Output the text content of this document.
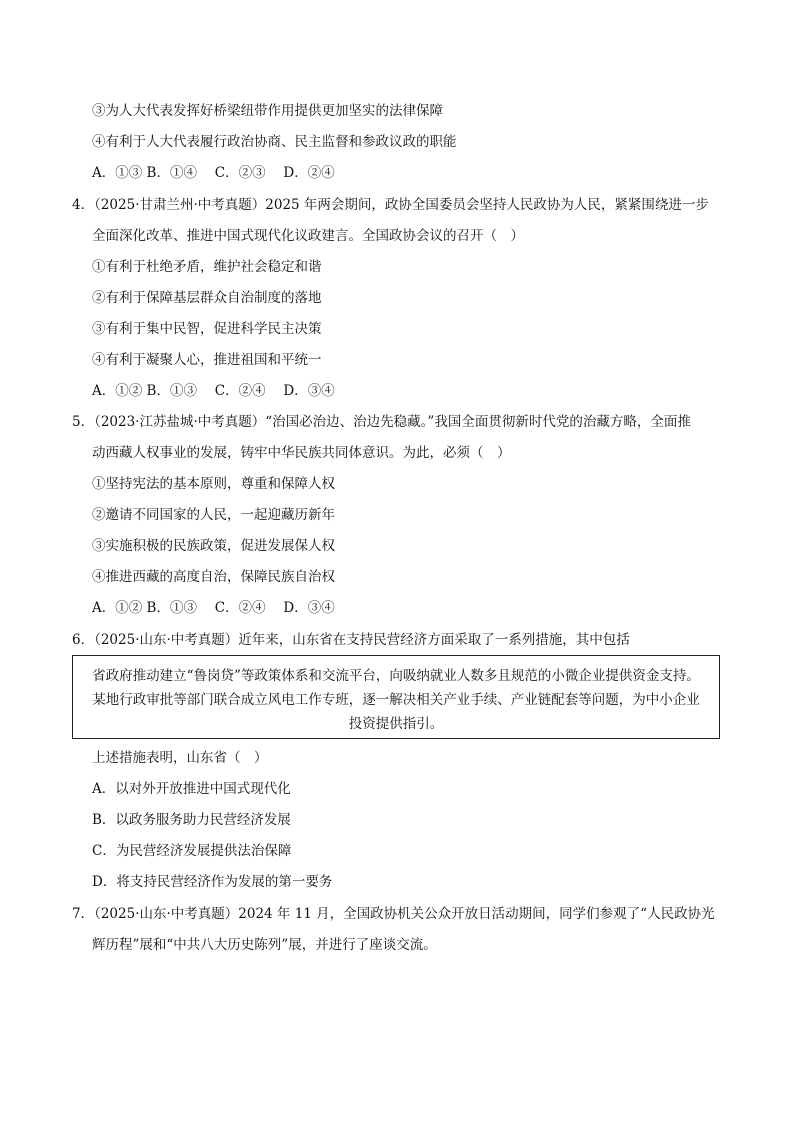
③为人大代表发挥好桥梁纽带作用提供更加坚实的法律保障
④有利于人大代表履行政治协商、民主监督和参政议政的职能
A．①③ B．①④　 C．②③　 D．②④
4．（2025·甘肃兰州·中考真题）2025 年两会期间，政协全国委员会坚持人民政协为人民，紧紧围绕进一步
全面深化改革、推进中国式现代化议政建言。全国政协会议的召开（　）
①有利于杜绝矛盾，维护社会稳定和谐
②有利于保障基层群众自治制度的落地
③有利于集中民智，促进科学民主决策
④有利于凝聚人心，推进祖国和平统一
A．①② B．①③　 C．②④　 D．③④
5．（2023·江苏盐城·中考真题）“治国必治边、治边先稳藏。”我国全面贯彻新时代党的治藏方略，全面推
动西藏人权事业的发展，铸牢中华民族共同体意识。为此，必须（　）
①坚持宪法的基本原则，尊重和保障人权
②邀请不同国家的人民，一起迎藏历新年
③实施积极的民族政策，促进发展保人权
④推进西藏的高度自治，保障民族自治权
A．①② B．①③　 C．②④　 D．③④
6．（2025·山东·中考真题）近年来，山东省在支持民营经济方面采取了一系列措施，其中包括
省政府推动建立“鲁岗贷”等政策体系和交流平台，向吸纳就业人数多且规范的小微企业提供资金支持。
某地行政审批等部门联合成立风电工作专班，逐一解决相关产业手续、产业链配套等问题，为中小企业
投资提供指引。
上述措施表明，山东省（　）
A．以对外开放推进中国式现代化
B．以政务服务助力民营经济发展
C．为民营经济发展提供法治保障
D．将支持民营经济作为发展的第一要务
7．（2025·山东·中考真题）2024 年 11 月，全国政协机关公众开放日活动期间，同学们参观了“人民政协光
辉历程”展和“中共八大历史陈列”展，并进行了座谈交流。
